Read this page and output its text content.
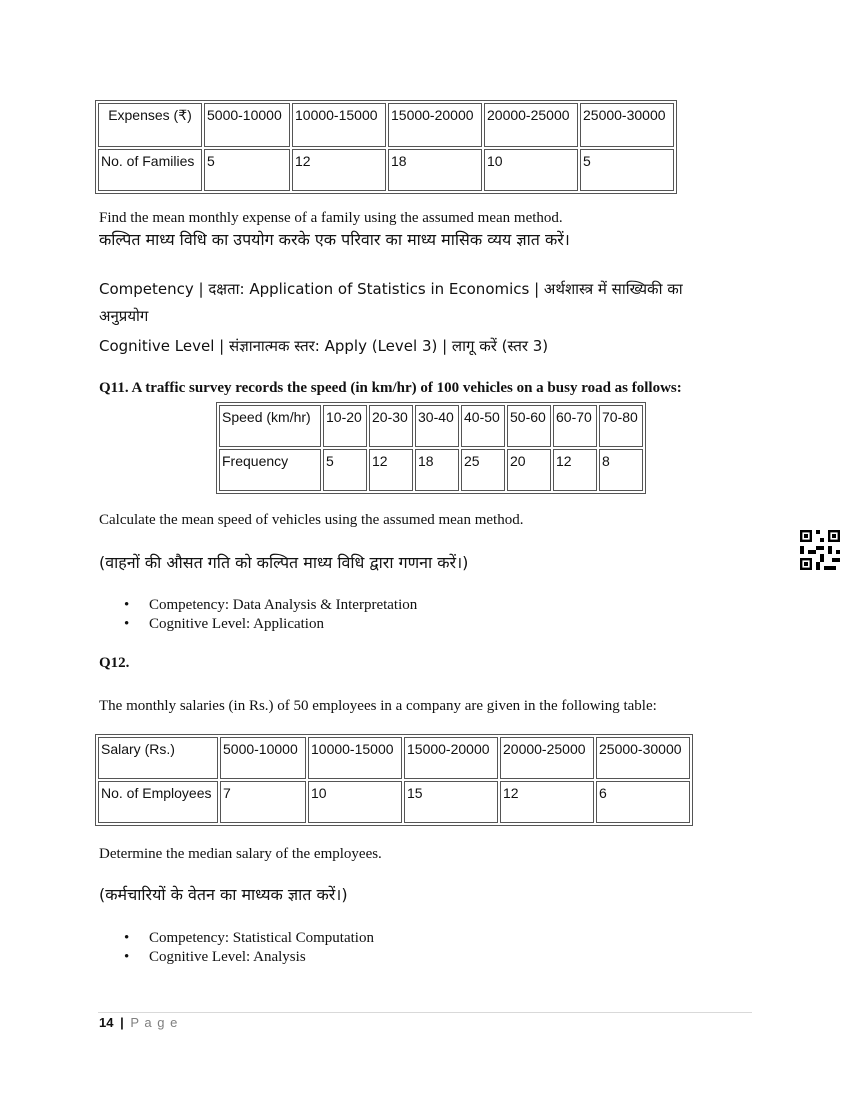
Expenses (₹)	5000-10000	10000-15000	15000-20000	20000-25000	25000-30000
No. of Families	5	12	18	10	5
Find the mean monthly expense of a family using the assumed mean method.
कल्पित माध्य विधि का उपयोग करके एक परिवार का माध्य मासिक व्यय ज्ञात करें।
Competency | दक्षता: Application of Statistics in Economics | अर्थशास्त्र में साख्यिकी का
अनुप्रयोग
Cognitive Level | संज्ञानात्मक स्तर: Apply (Level 3) | लागू करें (स्तर 3)
Q11. A traffic survey records the speed (in km/hr) of 100 vehicles on a busy road as follows:
Speed (km/hr)	10-20	20-30	30-40	40-50	50-60	60-70	70-80
Frequency	5	12	18	25	20	12	8
Calculate the mean speed of vehicles using the assumed mean method.
(वाहनों की औसत गति को कल्पित माध्य विधि द्वारा गणना करें।)
• Competency: Data Analysis & Interpretation
• Cognitive Level: Application
Q12.
The monthly salaries (in Rs.) of 50 employees in a company are given in the following table:
Salary (Rs.)	5000-10000	10000-15000	15000-20000	20000-25000	25000-30000
No. of Employees	7	10	15	12	6
Determine the median salary of the employees.
(कर्मचारियों के वेतन का माध्यक ज्ञात करें।)
• Competency: Statistical Computation
• Cognitive Level: Analysis
14 | P a g e
